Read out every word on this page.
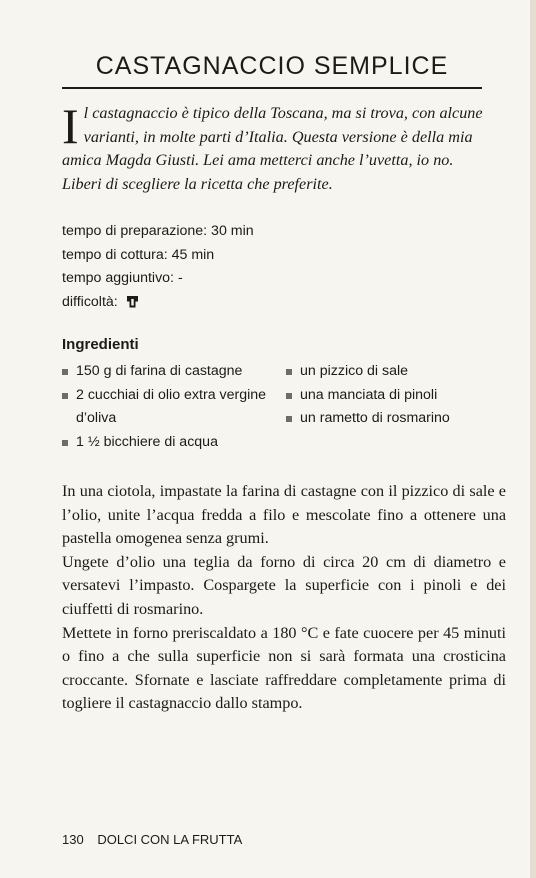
CASTAGNACCIO SEMPLICE
I l castagnaccio è tipico della Toscana, ma si trova, con alcune varianti, in molte parti d’Italia. Questa versione è della mia amica Magda Giusti. Lei ama metterci anche l’uvetta, io no. Liberi di scegliere la ricetta che preferite.
tempo di preparazione: 30 min
tempo di cottura: 45 min
tempo aggiuntivo: -
difficoltà:
Ingredienti
150 g di farina di castagne
2 cucchiai di olio extra vergine d’oliva
1 ½ bicchiere di acqua
un pizzico di sale
una manciata di pinoli
un rametto di rosmarino

In una ciotola, impastate la farina di castagne con il pizzico di sale e l’olio, unite l’acqua fredda a filo e mescolate fino a ottenere una pastella omogenea senza grumi.

Ungete d’olio una teglia da forno di circa 20 cm di diametro e versatevi l’impasto. Cospargete la superficie con i pinoli e dei ciuffetti di rosmarino.

Mettete in forno preriscaldato a 180 °C e fate cuocere per 45 minuti o fino a che sulla superficie non si sarà formata una crosticina croccante. Sfornate e lasciate raffreddare completamente prima di togliere il castagnaccio dallo stampo.

130 DOLCI CON LA FRUTTA
